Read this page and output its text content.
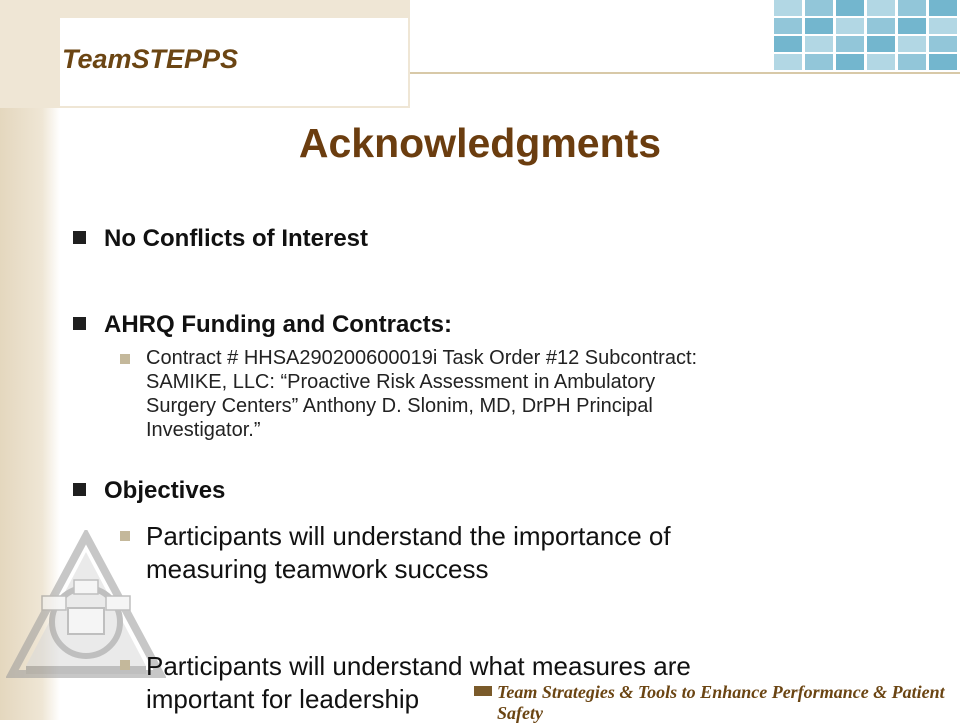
TeamSTEPPS
Acknowledgments
No Conflicts of Interest
AHRQ Funding and Contracts:
Contract # HHSA290200600019i Task Order #12 Subcontract:
SAMIKE, LLC: “Proactive Risk Assessment in Ambulatory
Surgery Centers” Anthony D. Slonim, MD, DrPH Principal
Investigator.”
Objectives
Participants will understand the importance of
measuring teamwork success
Participants will understand what measures are
important for leadership	Team Strategies & Tools to Enhance Performance & Patient Safety
